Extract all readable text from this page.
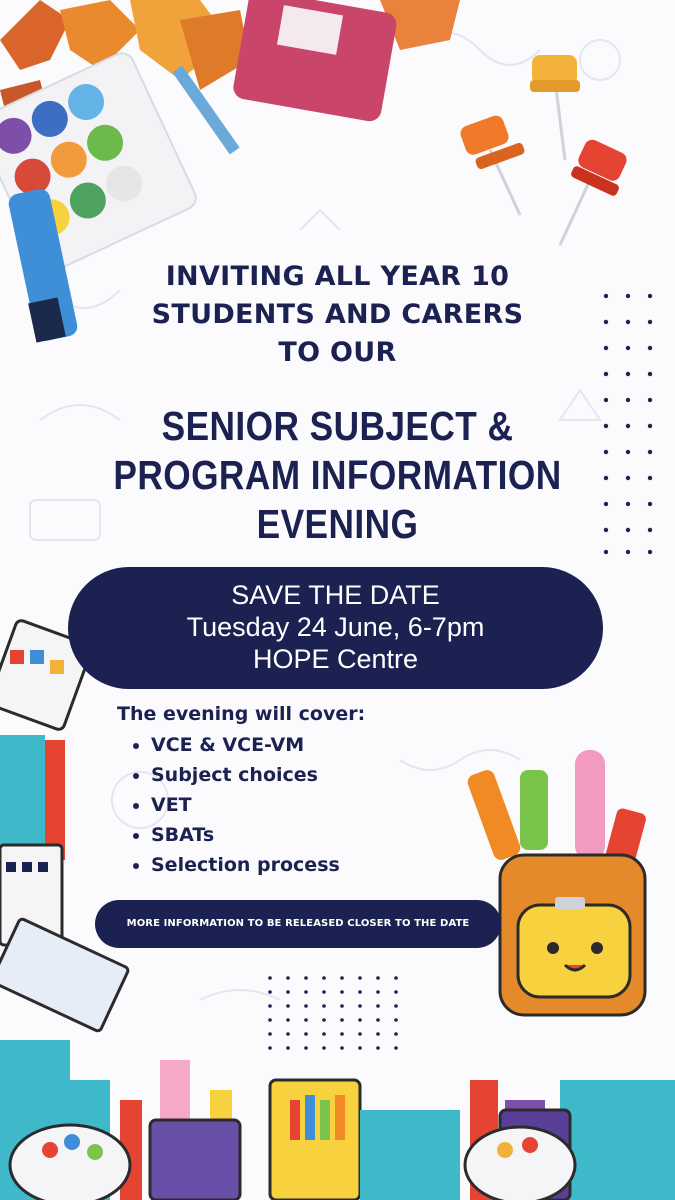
INVITING ALL YEAR 10
STUDENTS AND CARERS
TO OUR
SENIOR SUBJECT &
PROGRAM INFORMATION
EVENING
SAVE THE DATE
Tuesday 24 June, 6-7pm
HOPE Centre
The evening will cover:
• VCE & VCE-VM
• Subject choices
• VET
• SBATs
• Selection process
MORE INFORMATION TO BE RELEASED CLOSER TO THE DATE
